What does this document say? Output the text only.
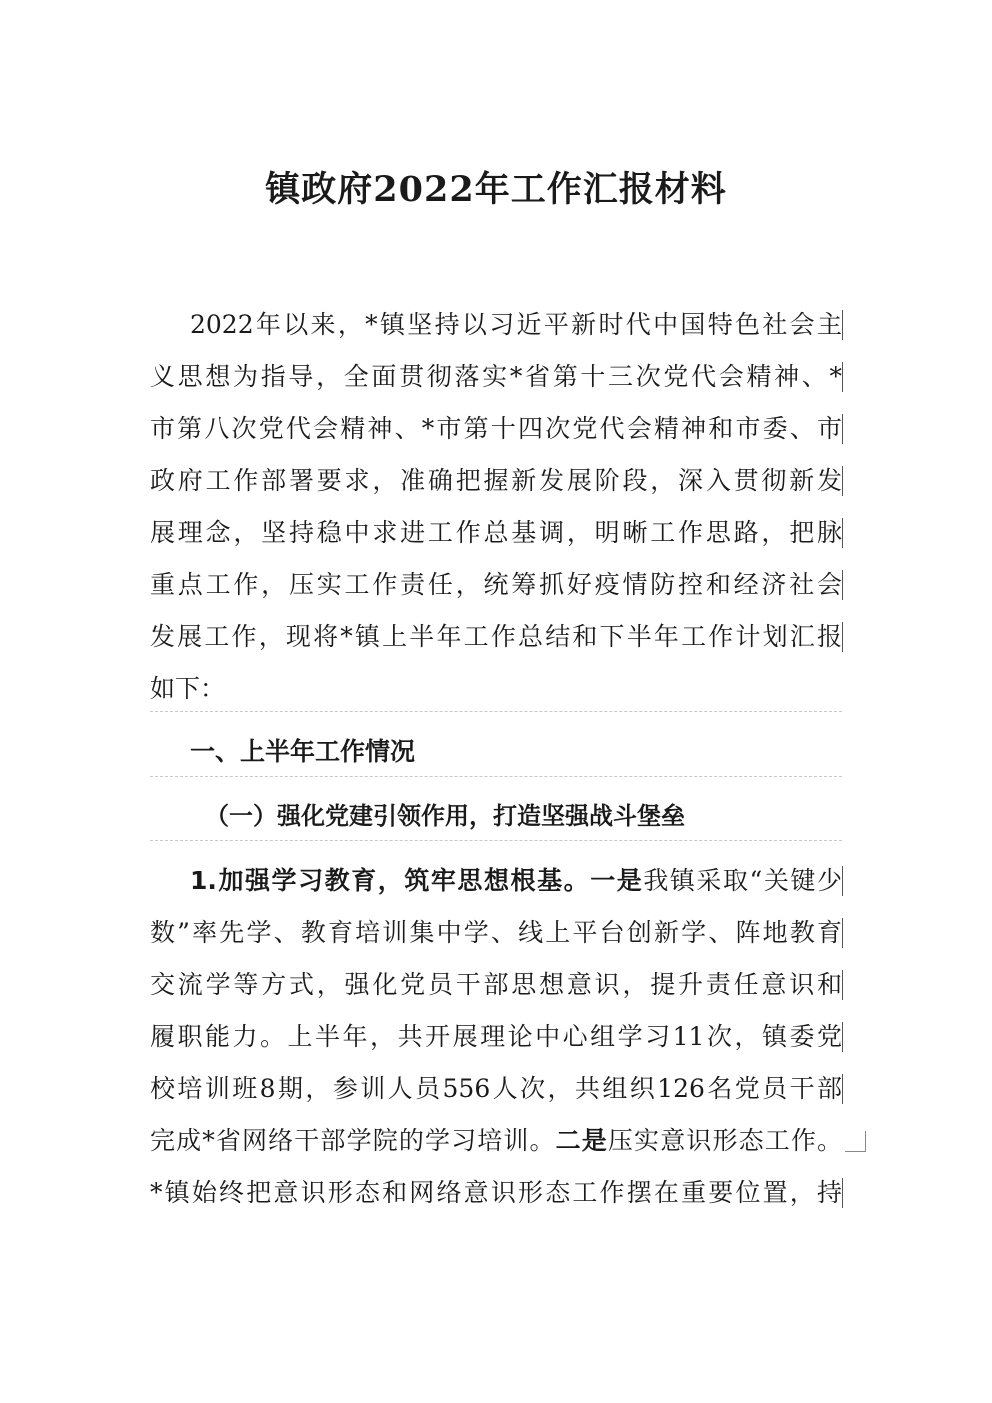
镇政府2022年工作汇报材料
2022年以来，*镇坚持以习近平新时代中国特色社会主
义思想为指导，全面贯彻落实*省第十三次党代会精神、*
市第八次党代会精神、*市第十四次党代会精神和市委、市
政府工作部署要求，准确把握新发展阶段，深入贯彻新发
展理念，坚持稳中求进工作总基调，明晰工作思路，把脉
重点工作，压实工作责任，统筹抓好疫情防控和经济社会
发展工作，现将*镇上半年工作总结和下半年工作计划汇报
如下：
一、上半年工作情况
（一）强化党建引领作用，打造坚强战斗堡垒
1.加强学习教育，筑牢思想根基。一是我镇采取“关键少
数”率先学、教育培训集中学、线上平台创新学、阵地教育
交流学等方式，强化党员干部思想意识，提升责任意识和
履职能力。上半年，共开展理论中心组学习11次，镇委党
校培训班8期，参训人员556人次，共组织126名党员干部
完成*省网络干部学院的学习培训。二是压实意识形态工作。
*镇始终把意识形态和网络意识形态工作摆在重要位置，持
